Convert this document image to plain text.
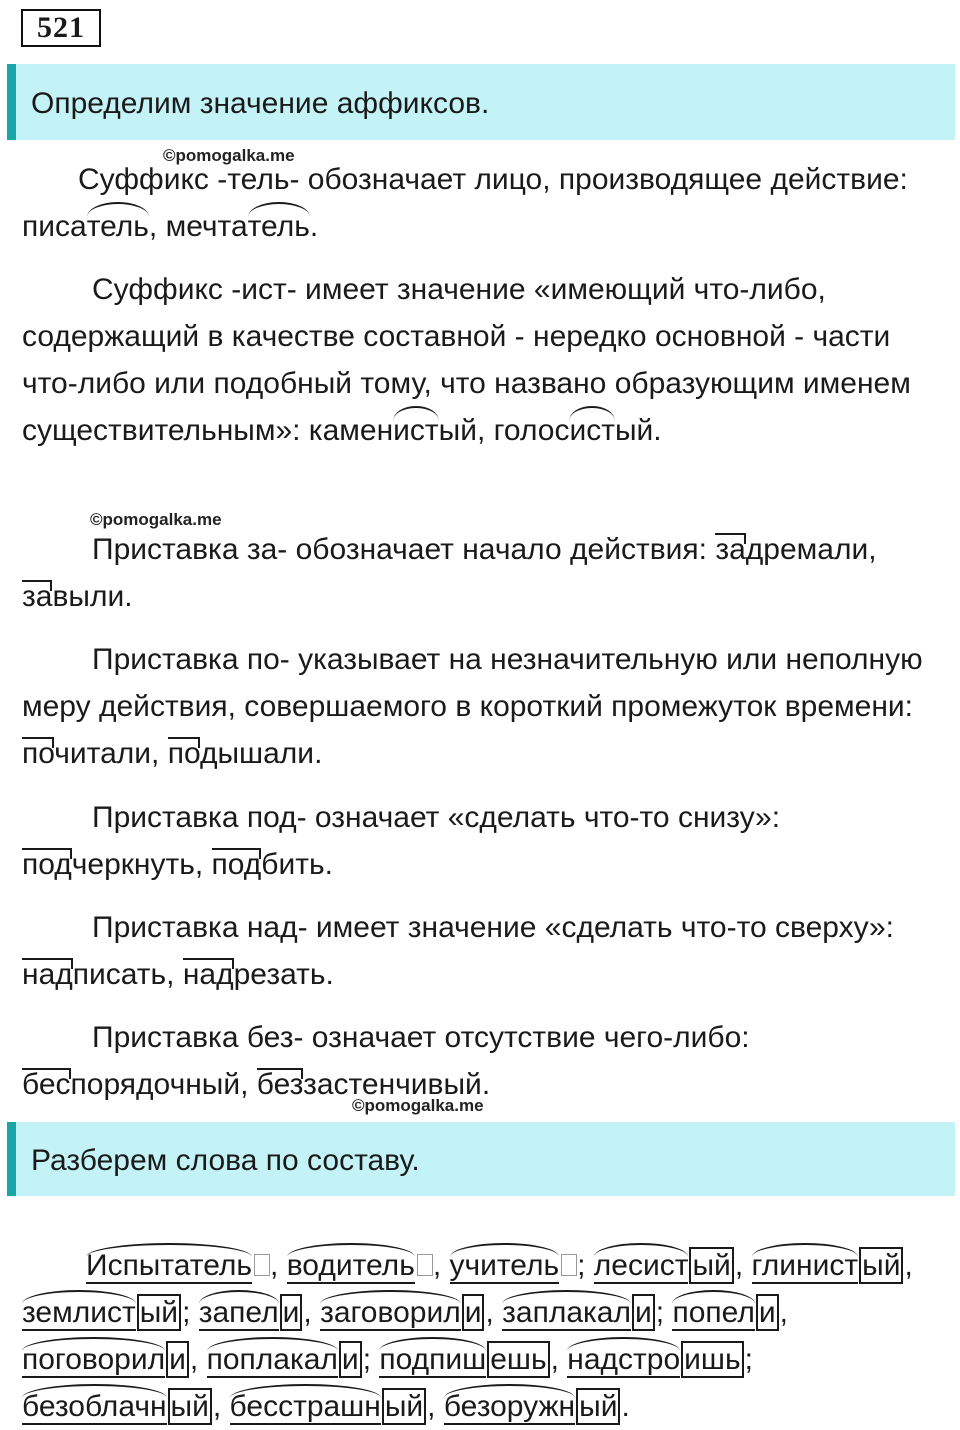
521
Определим значение аффиксов.
©pomogalka.me

Суффикс -тель- обозначает лицо, производящее действие: писатель, мечтатель.

Суффикс -ист- имеет значение «имеющий что-либо, содержащий в качестве составной - нередко основной - части что-либо или подобный тому, что названо образующим именем существительным»: каменистый, голосистый.

©pomogalka.me

Приставка за- обозначает начало действия: задремали, завыли.

Приставка по- указывает на незначительную или неполную меру действия, совершаемого в короткий промежуток времени: почитали, подышали.

Приставка под- означает «сделать что-то снизу»: подчеркнуть, подбить.

Приставка над- имеет значение «сделать что-то сверху»: надписать, надрезать.

Приставка без- означает отсутствие чего-либо: беспорядочный, беззастенчивый.

©pomogalka.me
Разберем слова по составу.

Испытатель , водитель , учитель ; лесист ый , глинист ый , землист ый ; запел и , заговорил и , заплакал и ; попел и , поговорил и , поплакал и ; подпиш ешь , надстро ишь ; безоблачн ый , бесстрашн ый , безоружн ый .
